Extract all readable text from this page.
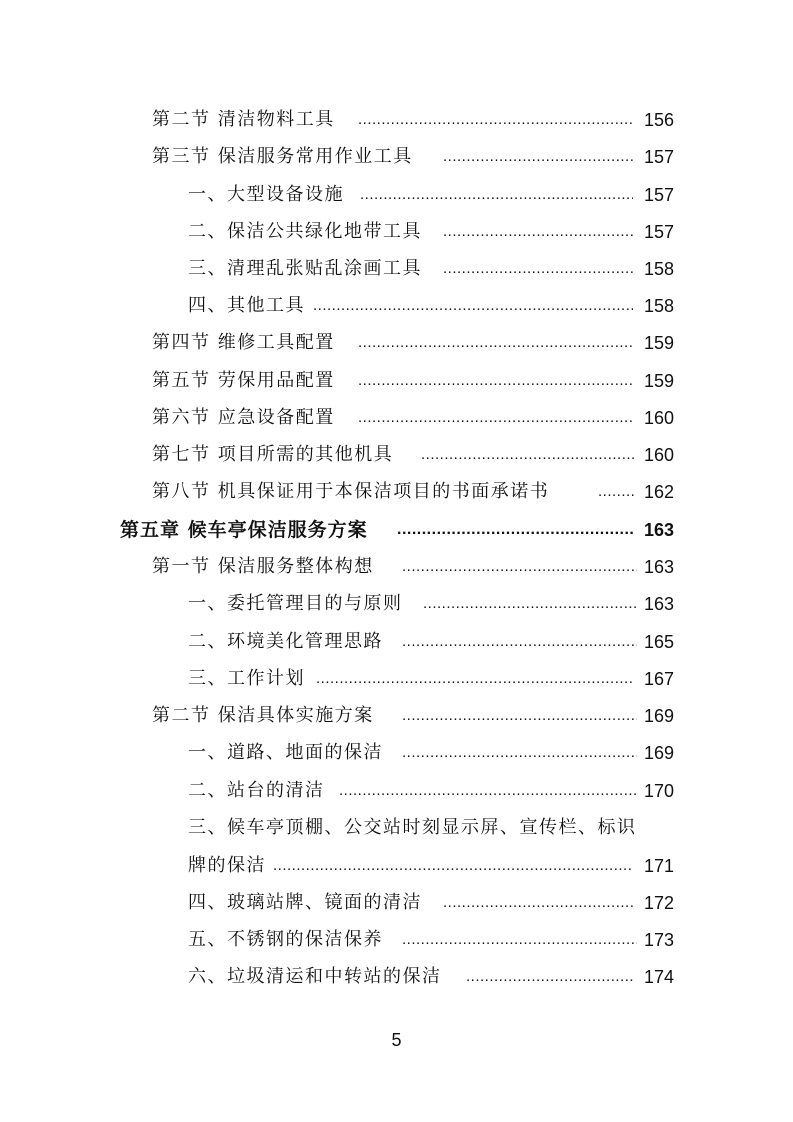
第二节 清洁物料工具 .....	156
第三节 保洁服务常用作业工具 .....	157
一、大型设备设施 .....	157
二、保洁公共绿化地带工具 .....	157
三、清理乱张贴乱涂画工具 .....	158
四、其他工具 .....	158
第四节 维修工具配置 .....	159
第五节 劳保用品配置 .....	159
第六节 应急设备配置 .....	160
第七节 项目所需的其他机具 .....	160
第八节 机具保证用于本保洁项目的书面承诺书 .....	162
第五章 候车亭保洁服务方案 .....	163
第一节 保洁服务整体构想 .....	163
一、委托管理目的与原则 .....	163
二、环境美化管理思路 .....	165
三、工作计划 .....	167
第二节 保洁具体实施方案 .....	169
一、道路、地面的保洁 .....	169
二、站台的清洁 .....	170
三、候车亭顶棚、公交站时刻显示屏、宣传栏、标识
牌的保洁 .....	171
四、玻璃站牌、镜面的清洁 .....	172
五、不锈钢的保洁保养 .....	173
六、垃圾清运和中转站的保洁 .....	174
5
